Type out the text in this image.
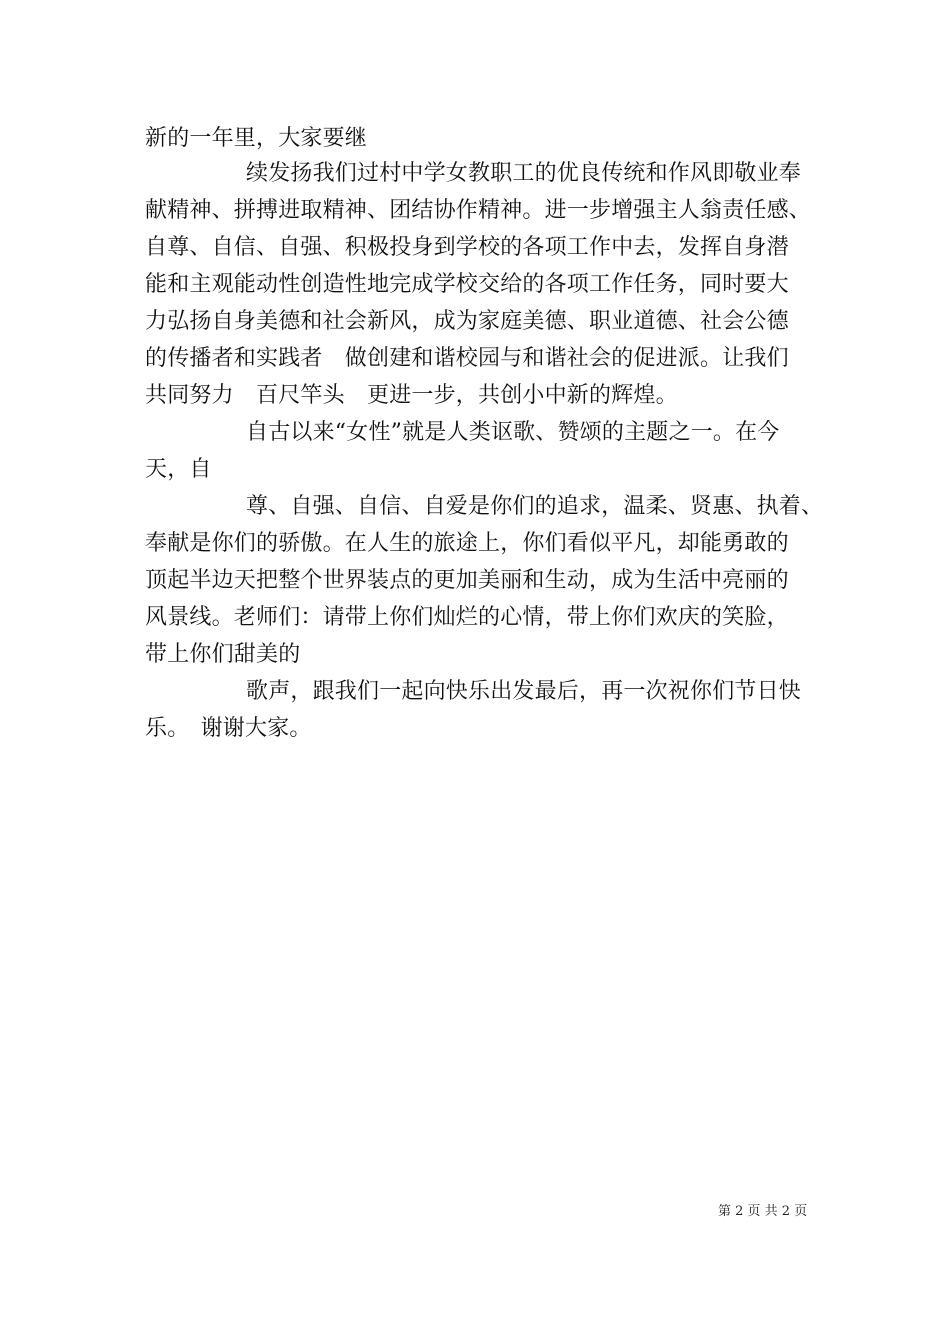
新的一年里，大家要继
续发扬我们过村中学女教职工的优良传统和作风即敬业奉
献精神、拼搏进取精神、团结协作精神。进一步增强主人翁责任感、
自尊、自信、自强、积极投身到学校的各项工作中去，发挥自身潜
能和主观能动性创造性地完成学校交给的各项工作任务，同时要大
力弘扬自身美德和社会新风，成为家庭美德、职业道德、社会公德
的传播者和实践者　做创建和谐校园与和谐社会的促进派。让我们
共同努力　百尺竿头　更进一步，共创小中新的辉煌。
自古以来“女性”就是人类讴歌、赞颂的主题之一。在今
天，自
尊、自强、自信、自爱是你们的追求，温柔、贤惠、执着、
奉献是你们的骄傲。在人生的旅途上，你们看似平凡，却能勇敢的
顶起半边天把整个世界装点的更加美丽和生动，成为生活中亮丽的
风景线。老师们：请带上你们灿烂的心情，带上你们欢庆的笑脸，
带上你们甜美的
歌声，跟我们一起向快乐出发最后，再一次祝你们节日快
乐。　谢谢大家。
第 2 页 共 2 页
